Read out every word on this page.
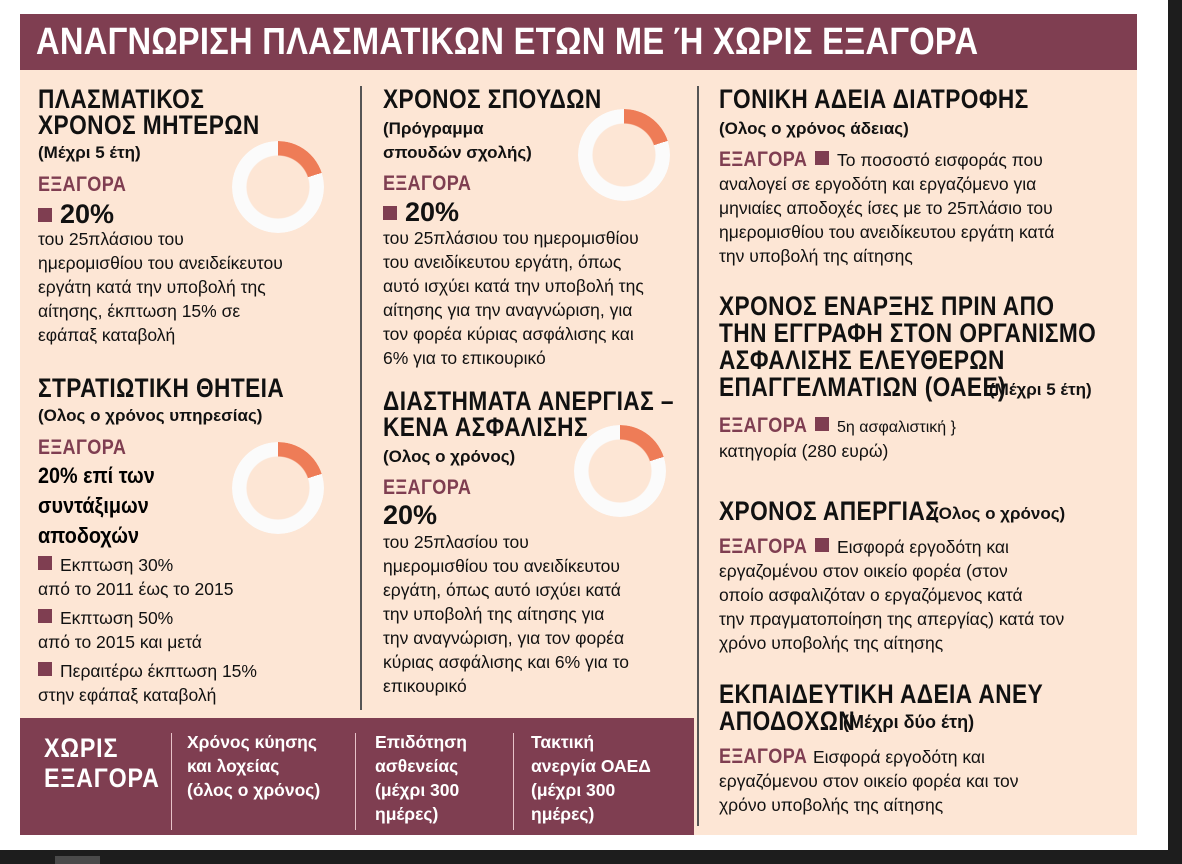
ΑΝΑΓΝΩΡΙΣΗ ΠΛΑΣΜΑΤΙΚΩΝ ΕΤΩΝ ΜΕ Ή ΧΩΡΙΣ ΕΞΑΓΟΡΑ
ΠΛΑΣΜΑΤΙΚΟΣ
ΧΡΟΝΟΣ ΜΗΤΕΡΩΝ
(Μέχρι 5 έτη)
ΕΞΑΓΟΡΑ
20%
του 25πλάσιου του
ημερομισθίου του ανειδείκευτου
εργάτη κατά την υποβολή της
αίτησης, έκπτωση 15% σε
εφάπαξ καταβολή
ΣΤΡΑΤΙΩΤΙΚΗ ΘΗΤΕΙΑ
(Ολος ο χρόνος υπηρεσίας)
ΕΞΑΓΟΡΑ
20% επί των
συντάξιμων
αποδοχών
Εκπτωση 30%
από το 2011 έως το 2015
Εκπτωση 50%
από το 2015 και μετά
Περαιτέρω έκπτωση 15%
στην εφάπαξ καταβολή
ΧΡΟΝΟΣ ΣΠΟΥΔΩΝ
(Πρόγραμμα
σπουδών σχολής)
ΕΞΑΓΟΡΑ
20%
του 25πλάσιου του ημερομισθίου
του ανειδίκευτου εργάτη, όπως
αυτό ισχύει κατά την υποβολή της
αίτησης για την αναγνώριση, για
τον φορέα κύριας ασφάλισης και
6% για το επικουρικό
ΔΙΑΣΤΗΜΑΤΑ ΑΝΕΡΓΙΑΣ –
ΚΕΝΑ ΑΣΦΑΛΙΣΗΣ
(Ολος ο χρόνος)
ΕΞΑΓΟΡΑ
20%
του 25πλασίου του
ημερομισθίου του ανειδίκευτου
εργάτη, όπως αυτό ισχύει κατά
την υποβολή της αίτησης για
την αναγνώριση, για τον φορέα
κύριας ασφάλισης και 6% για το
επικουρικό
ΓΟΝΙΚΗ ΑΔΕΙΑ ΔΙΑΤΡΟΦΗΣ
(Ολος ο χρόνος άδειας)
ΕΞΑΓΟΡΑ Το ποσοστό εισφοράς που
αναλογεί σε εργοδότη και εργαζόμενο για
μηνιαίες αποδοχές ίσες με το 25πλάσιο του
ημερομισθίου του ανειδίκευτου εργάτη κατά
την υποβολή της αίτησης
ΧΡΟΝΟΣ ΕΝΑΡΞΗΣ ΠΡΙΝ ΑΠΟ
ΤΗΝ ΕΓΓΡΑΦΗ ΣΤΟΝ ΟΡΓΑΝΙΣΜΟ
ΑΣΦΑΛΙΣΗΣ ΕΛΕΥΘΕΡΩΝ
ΕΠΑΓΓΕΛΜΑΤΙΩΝ (ΟΑΕΕ)
(Μέχρι 5 έτη)
ΕΞΑΓΟΡΑ 5η ασφαλιστική }
κατηγορία (280 ευρώ)
ΧΡΟΝΟΣ ΑΠΕΡΓΙΑΣ
(Ολος ο χρόνος)
ΕΞΑΓΟΡΑ Εισφορά εργοδότη και
εργαζομένου στον οικείο φορέα (στον
οποίο ασφαλιζόταν ο εργαζόμενος κατά
την πραγματοποίηση της απεργίας) κατά τον
χρόνο υποβολής της αίτησης
ΕΚΠΑΙΔΕΥΤΙΚΗ ΑΔΕΙΑ ΑΝΕΥ
ΑΠΟΔΟΧΩΝ
(Μέχρι δύο έτη)
ΕΞΑΓΟΡΑ Εισφορά εργοδότη και
εργαζόμενου στον οικείο φορέα και τον
χρόνο υποβολής της αίτησης
ΧΩΡΙΣ
ΕΞΑΓΟΡΑ
Χρόνος κύησης
και λοχείας
(όλος ο χρόνος)
Επιδότηση
ασθενείας
(μέχρι 300
ημέρες)
Τακτική
ανεργία ΟΑΕΔ
(μέχρι 300
ημέρες)
